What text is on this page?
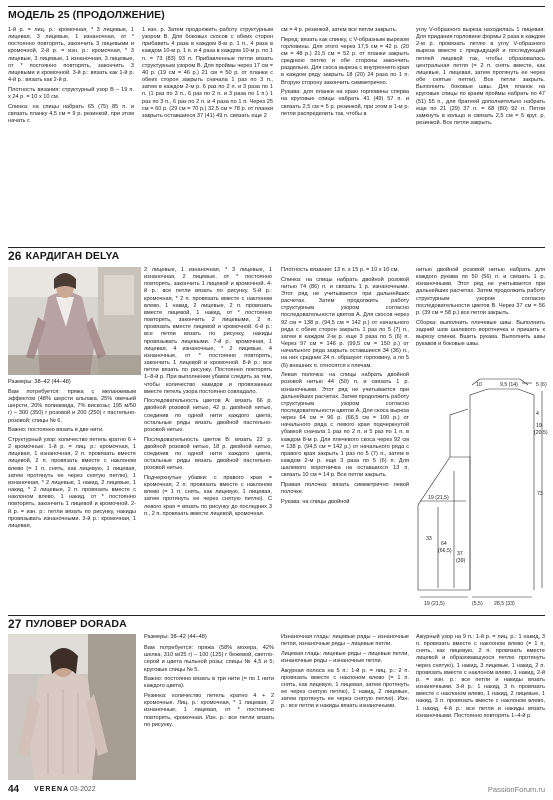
МОДЕЛЬ 25 (ПРОДОЛЖЕНИЕ)

1-й р. = лиц. р.: кромочная, * 3 лицевые, 1 лицевая, 3 лицевые, 1 изнаночная, от * постоянно повторять, закончить 3 лицевыми и кромочной, 2-й р. = изн. р.: кромочная, * 3 лицевые, 3 лицевые, 1 изнаночная, 3 лицевые, от * постоянно повторять, закончить 3 лицевыми и кромочной. 3-й р.: вязать как 1-й р. 4-й р.: вязать как 2-й р.

Плотность вязания: структурный узор В – 19 п. х 24 р. = 10 х 10 см.

Спинка: на спицы набрать 65 (75) 85 п. и связать планку 4,5 см = 9 р. резинкой, при этом начать с

1 изн. р. Затем продолжить работу структурным узором В. Для боковых скосов с обеих сторон прибавить 4 раза в каждом 8-м р. 1 п., 4 раза в каждом 10-м р. 1 п. и 4 раза в каждом 10-м р. по 1 п. = 73 (83) 93 п. Прибавленные петли вязать структурным узором В. Для проймы через 17 см = 40 р. (19 см = 46 р.) 21 см = 50 р. от планки с обеих сторон закрыть сначала 1 раз по 3 п., затем в каждом 2-м р. 6 раз по 2 п. и 3 раза по 1 п. (1 раз по 3 п., 6 раз по 2 п. и 3 раза по 1 п.) 1 раз по 3 п., 6 раз по 2 п. и 4 раза по 1 п. Через 25 см = 60 р. (29 см = 70 р.) 32,5 см = 78 р. от планки закрыть оставшиеся 37 (41) 49 п. связать еще 2

см = 4 р. резинкой, затем все петли закрыть.

Перед: вязать как спинку, с V-образным вырезом горловины. Для этого через 17,5 см = 42 р. (20 см = 48 р.) 21,5 см = 52 р. от планки закрыть среднюю петлю и обе стороны закончить раздельно. Для скоса выреза с внутреннего края в каждом ряду закрыть 18 (20) 24 раза по 1 п. Вторую сторону закончить симметрично.

Рукава: для планки на краю горловины сперва на круговые спицы набрать 41 (49) 57 п. и связать 2,5 см = 5 р. резинкой, при этом в 1-м р. петли распределить так, чтобы в

углу V-образного выреза находилась 1 лицевая. Для придания горловине формы 2 раза в каждом 2-м р. провязать петлю в углу V-образного выреза вместе с предыдущей и последующей петлей лицевой так, чтобы образовалась центральная петля (= 2 п. снять вместе, как лицевые, 1 лицевая, затем протянуть ее через обе снятые петли). Все петли закрыть. Выполнить боковые швы. Для планок на круговые спицы по краям проймы набрать по 47 (51) 55 п., для братеей дополнительно набрать еще по 21 (29) 37 п. = 68 (80) 92 п. Петли замкнуть в кольцо и связать 2,5 см = 5 круг. р. резинкой. Все петли закрыть.

26 КАРДИГАН DELYA
Размеры: 38–42 (44–48)

Вам потребуется: пряжа с меланжевым эффектом (48% шерсти альпака, 25% овечьей шерсти, 20% полиамида, 7% вискозы; 195 м/50 г) – 300 (350) г розовой и 200 (250) г пастельно-розовой; спицы № 6.

Важно: постоянно вязать в две нити.

Структурный узор: количество петель кратно 6 + 2 кромочные. 1-й р. = лиц. р.: кромочная, 1 лицевая, 1 изнаночная, 2 п. провязать вместе лицевой, 2 п. провязать вместе с наклоном влево (= 1 п. снять, как лицевую, 1 лицевая, затем протянуть ее через снятую петлю), 1 изнаночная, * 2 лицевые, 1 накид, 2 лицевые, 1 накид, * 2 лицевые, 2 п. провязать вместе с наклоном влево, 1 накид, от * постоянно повторять, закончить 1 лицевой и кромочной. 2-й р. = изн. р.: петли вязать по рисунку, накиды провязывать изнаночными. 3-й р.: кромочная, 1 лицевая,

2 лицевые, 1 изнаночная, * 3 лицевые, 1 изнаночная, 2 лицевые, от * постоянно повторять, закончить 1 лицевой и кромочной. 4-й р.: все петли вязать по рисунку. 5-й р.: кромочная, * 2 п. провязать вместе с наклоном влево, 1 накид, 2 лицевые, 2 п. провязать вместе лицевой, 1 накид, от * постоянно повторять, закончить 2 лицевыми, 2 п. провязать вместе лицевой и кромочной. 6-й р.: все петли вязать по рисунку, накиды провязывать лицевыми. 7-й р.: кромочная, 1 лицевая, 4 изнаночные, * 2 лицевые, 4 изнаночные, от * постоянно повторять, закончить 1 лицевой и кромочной. 8-й р.: все петли вязать по рисунку. Постоянно повторять 1–8-й р. При выполнении убавок следить за тем, чтобы количество накидов и провязанных вместе петель узора постоянно совпадало.

Последовательность цветов А: вязать 66 р. двойной розовой нитью, 42 р. двойной нитью, соединив по одной нити каждого цвета, остальные ряды вязать двойной пастельно-розовой нитью.

Последовательность цветов В: вязать 22 р. двойной розовой нитью, 18 р. двойной нитью, соединив по одной нити каждого цвета, остальные ряды вязать двойной пастельно-розовой нитью.

Подчеркнутые убавки: с правого края = кромочная, 2 п. провязать вместе с наклоном влево (= 1 п. снять, как лицевую, 1 лицевая, затем протянуть ее через снятую петлю). С левого края = вязать по рисунку до последних 3 п., 2 п. провязать вместе лицевой, кромочная.

Плотность вязания: 13 п. х 15 р. = 10 х 10 см.

Спинка: на спицы набрать двойной розовой нитью 74 (86) п. и связать 1 р. изнаночными. Этот ряд не учитывается при дальнейших расчетах. Затем продолжить работу структурным узором согласно последовательности цветов А. Для скосов через 92 см = 138 р. (94,5 см = 142 р.) от начального ряда с обеих сторон закрыть 1 раз по 5 (7) п., затем в каждом 2-м р. еще 3 раза по 5 (6) п. Через 97 см = 146 р. (99,5 см = 150 р.) от начального ряда закрыть оставшиеся 34 (36) п., на них средние 24 п. образуют горловину, а по 5 (6) внешних п. относятся к плечам.

Левая полочка: на спицы набрать двойной розовой нитью 44 (50) п. и связать 1 р. изнаночными. Этот ряд не учитывается при дальнейших расчетах. Затем продолжить работу структурным узором согласно последовательности цветов А. Для скоса выреза через 64 см = 96 р. (66,5 см = 100 р.) от начального ряда с левого края подчеркнутой убавкой сначала 1 раз по 2 п. и 5 раз по 1 п. в каждом 8-м р. Для плечевого скоса через 92 см = 138 р. (94,5 см = 142 р.) от начального ряда с правого края закрыть 1 раз по 5 (7) п., затем в каждом 2-м р. еще 3 раза по 5 (6) п. Для шалевого воротничка на оставшихся 13 п. связать 10 см = 14 р. Все петли закрыть.

Правая полочка: вязать симметрично левой полочке.

Рукава: на спицы двойной

нитью двойной розовой нитью набрать для каждого рукава по 50 (56) п. и связать 1 р. изнаночными. Этот ряд не учитывается при дальнейших расчетах. Затем продолжить работу структурным узором согласно последовательности цветов В. Через 37 см = 56 р. (39 см = 58 р.) все петли закрыть.

Сборка: выполнить плечевые швы. Выполнить задний шов шалевого воротничка и пришить к вырезу спинки. Вшить рукава. Выполнить швы рукавов и боковые швы.

9,5 (14)
10	5 (6)
4
19
(20,5)
33
73
64
(66,5) 37
(39)
19 (21,5)
19 (21,5)	(5,5) 28,5 (33)
27 ПУЛОВЕР DORADA

Размеры: 38–42 (44–48)

Вам потребуется: пряжа (58% мохера, 42% шелка; 310 м/25 г) – 100 (125) г бежевой, светло-серой и цвета пыльной розы; спицы № 4,5 и 5; круговые спицы № 5.

Важно: постоянно вязать в три нити (= по 1 нити каждого цвета).

Резинка: количество петель кратно 4 + 2 кромочные. Лиц. р.: кромочная, * 1 лицевая, 2 изнаночные, 1 лицевая, от * постоянно повторять, кромочная. Изн. р.: все петли вязать по рисунку.

Изнаночная гладь: лицевые ряды – изнаночные петли, изнаночные ряды – лицевые петли.

Лицевая гладь: лицевые ряды – лицевые петли, изнаночные ряды – изнаночные петли.

Ажурная полоса на 5 п.: 1-й р. = лиц. р.: 2 п. провязать вместе с наклоном влево (= 1 п. снять, как лицевую, 1 лицевая, затем протянуть ее через снятую петлю), 1 накид, 2 лицевые, затем протянуть ее через снятую петлю). Изн. р.: все петли и накиды вязать изнаночными.

Ажурный узор на 9 п.: 1-й р. = лиц. р.: 1 накид, 3 п. провязать вместе с наклоном влево (= 1 п. снять, как лицевую, 2 п. провязать вместе лицевой и образовавшуюся петлю протянуть через снятую), 1 накид, 3 лицевые, 1 накид, 2 п. провязать вместе с наклоном влево, 1 накид, 2-й р. = изн. р.: все петли и накиды вязать изнаночными. 3-й р.: 1 накид, 3 п. провязать вместе с наклоном влево, 1 накид, 2 лицевые, 1 накид, 3 п. провязать вместе с наклоном влево, 1 накид, 4-й р.: все петли и накиды вязать изнаночными. Постоянно повторять 1–4-й р.

44 VERENA 03·2022	PassionForum.ru
